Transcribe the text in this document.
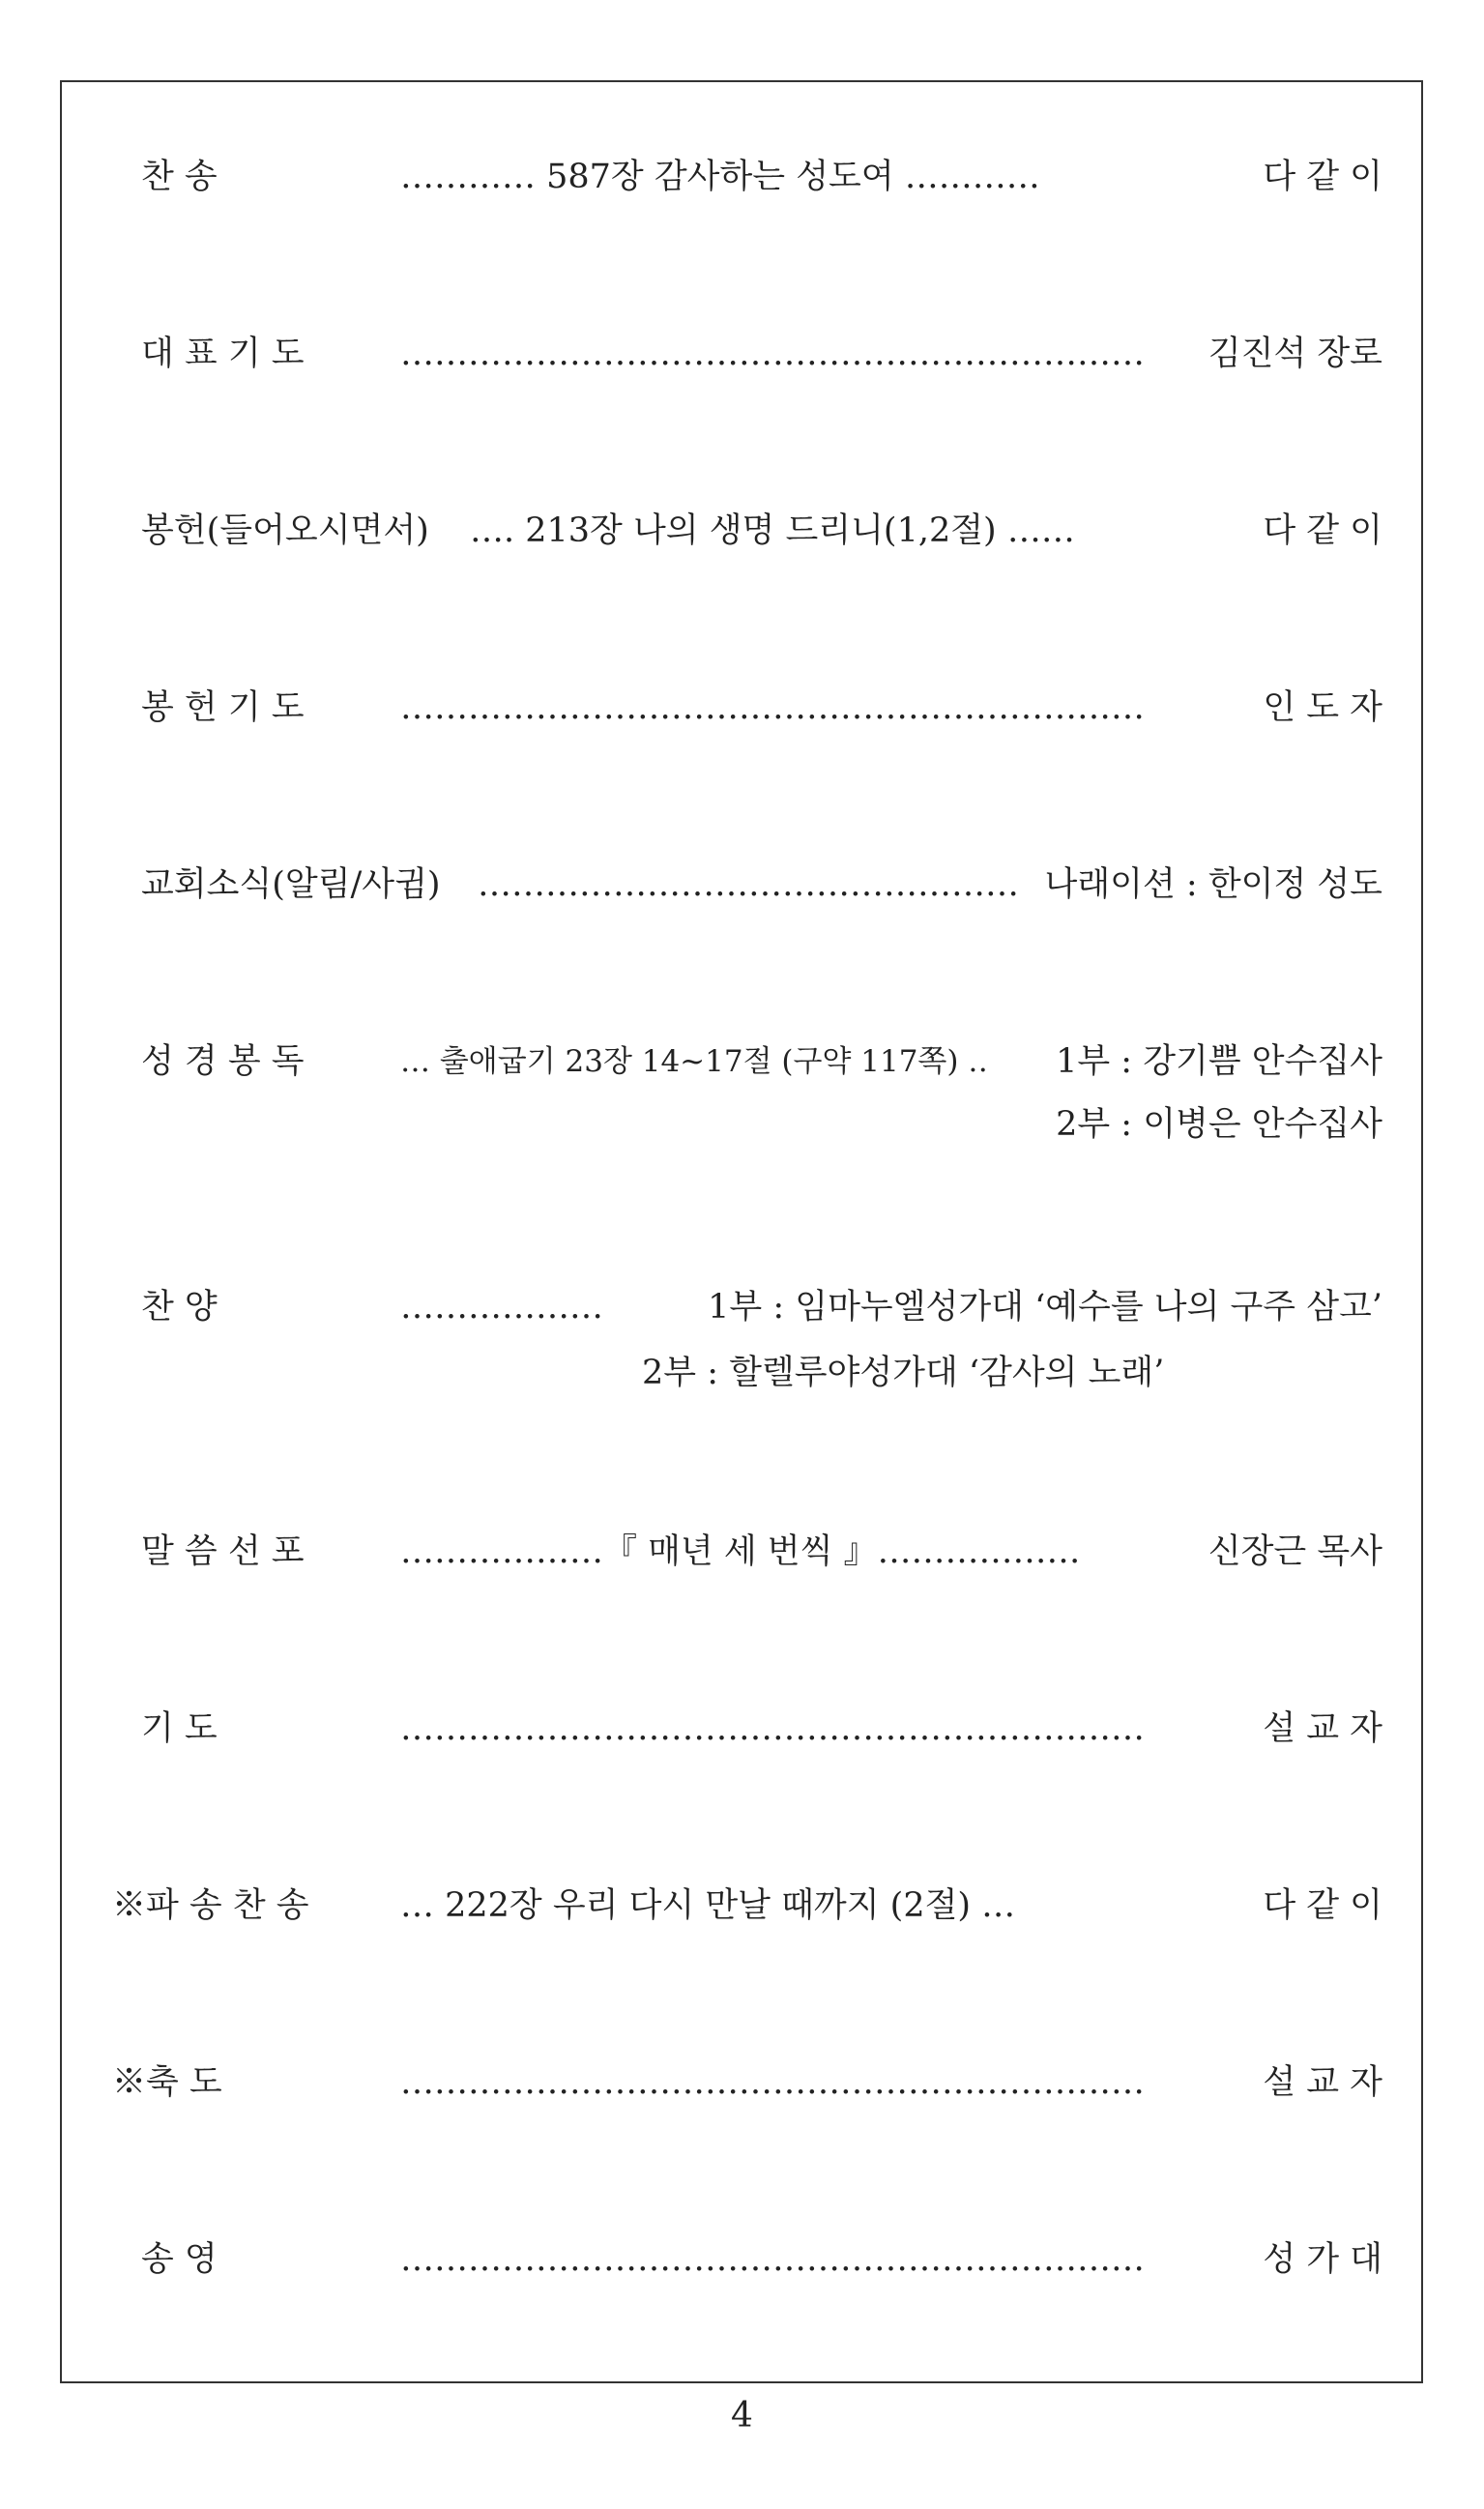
찬 송	………… 587장 감사하는 성도여 …………	다 같 이
대 표 기 도	………………………………………………………… 김진석 장로
봉헌(들어오시면서) …. 213장 나의 생명 드리니(1,2절) ……	다 같 이
봉 헌 기 도	…………………………………………………………	인 도 자
교회소식(알림/사귐) ………………………………………… 나래이션 : 한이정 성도
성 경 봉 독	… 출애굽기 23장 14~17절 (구약 117쪽) ‥ 1부 : 강기쁨 안수집사
2부 : 이병은 안수집사
찬 양	………………	1부 : 임마누엘성가대 ‘예수를 나의 구주 삼고’
2부 : 할렐루야성가대 ‘감사의 노래’
말 씀 선 포	………………『 매년 세 번씩 』………………	신장근 목사
기 도	…………………………………………………………	설 교 자
※파 송 찬 송	… 222장 우리 다시 만날 때까지 (2절) …	다 같 이
※축 도	…………………………………………………………	설 교 자
송 영	…………………………………………………………	성 가 대
4
